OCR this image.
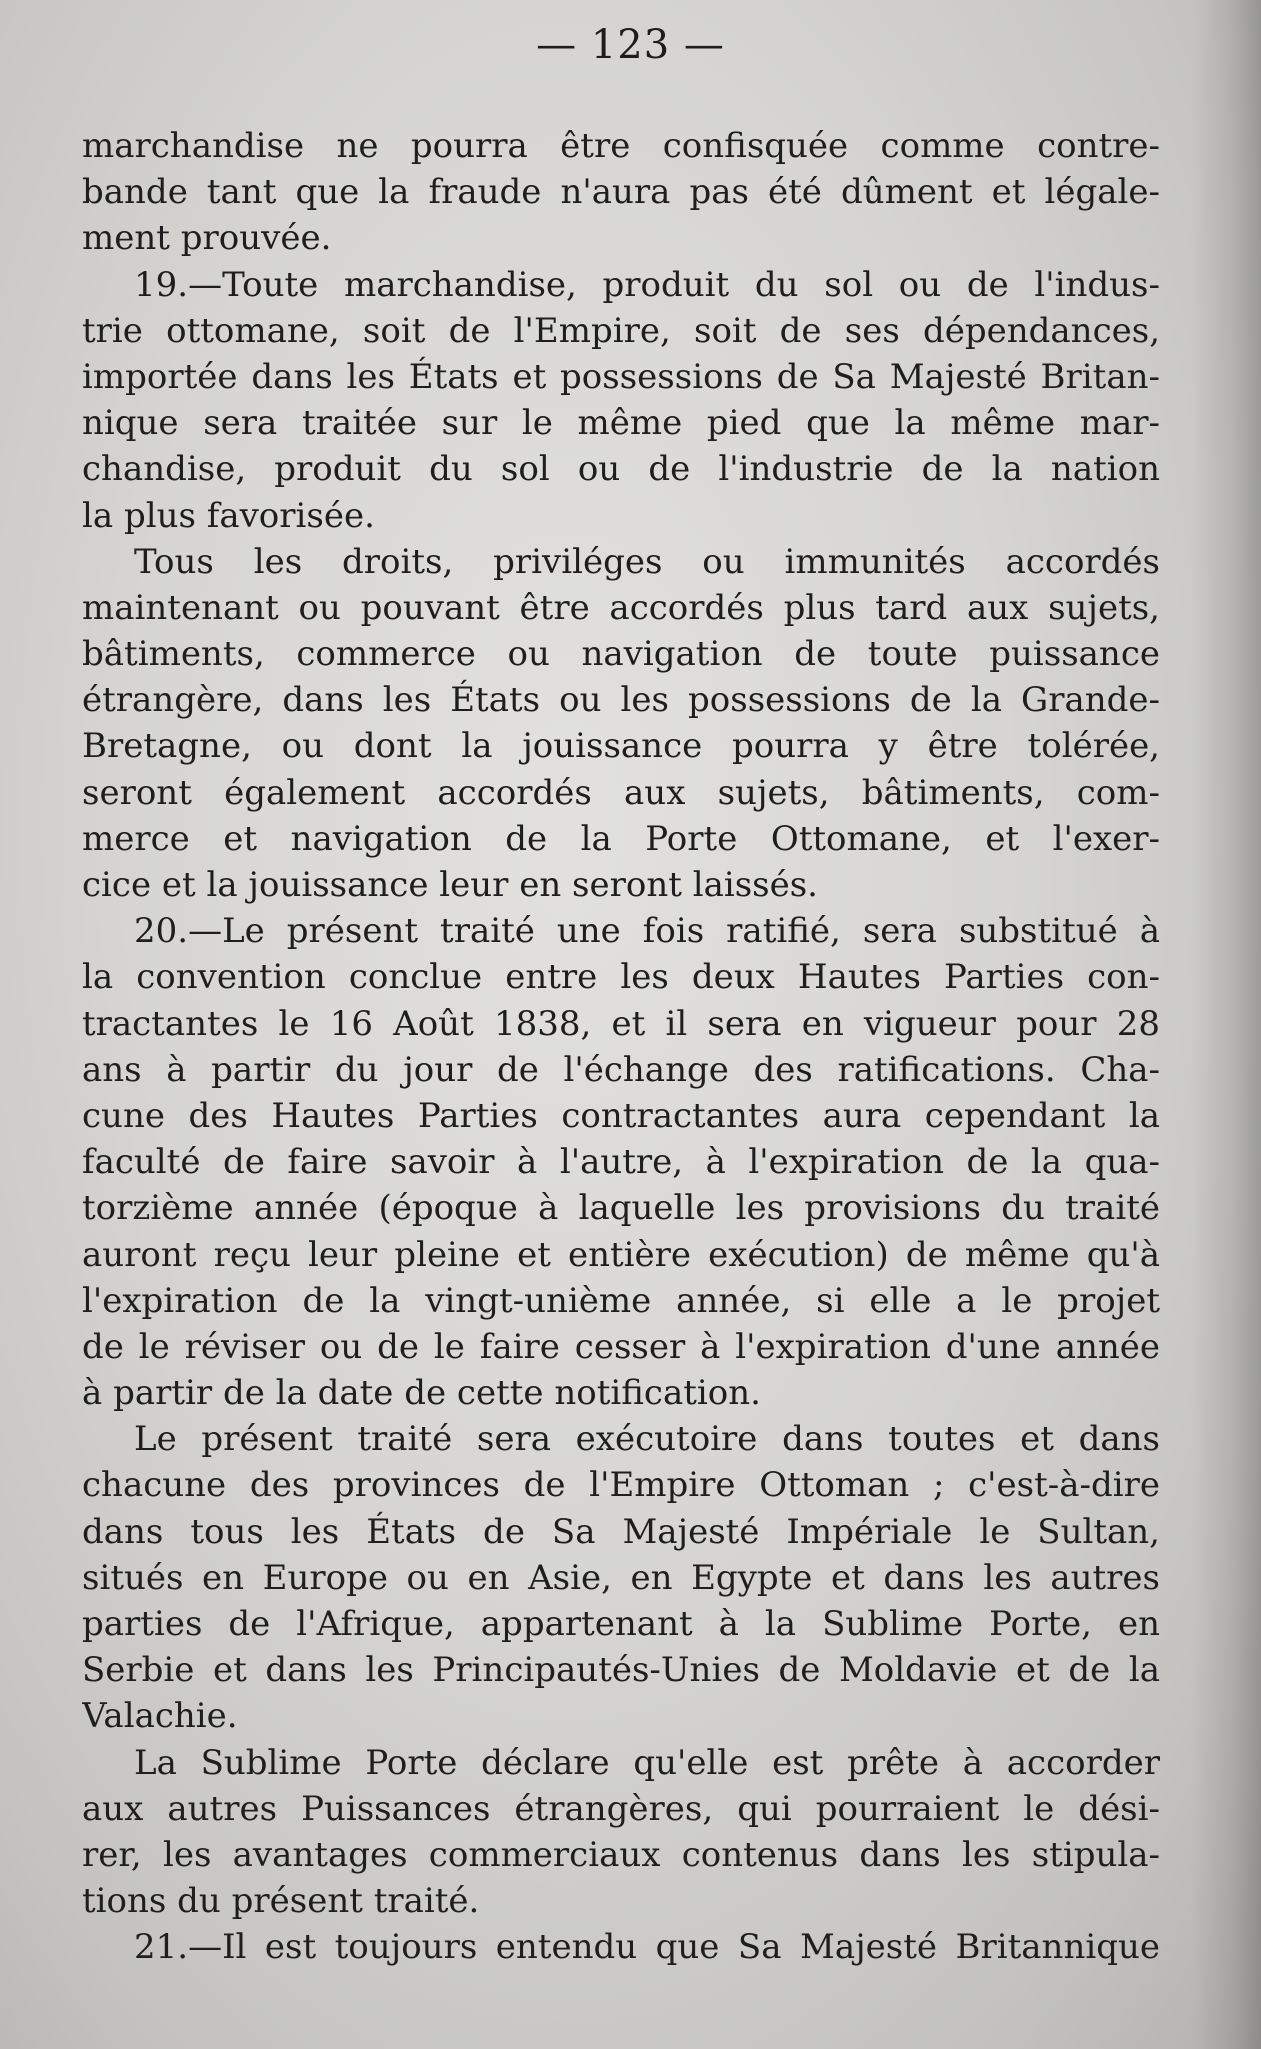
— 123 —
marchandise ne pourra être confisquée comme contre-
bande tant que la fraude n'aura pas été dûment et légale-
ment prouvée.
19.—Toute marchandise, produit du sol ou de l'indus-
trie ottomane, soit de l'Empire, soit de ses dépendances,
importée dans les États et possessions de Sa Majesté Britan-
nique sera traitée sur le même pied que la même mar-
chandise, produit du sol ou de l'industrie de la nation
la plus favorisée.
Tous les droits, priviléges ou immunités accordés
maintenant ou pouvant être accordés plus tard aux sujets,
bâtiments, commerce ou navigation de toute puissance
étrangère, dans les États ou les possessions de la Grande-
Bretagne, ou dont la jouissance pourra y être tolérée,
seront également accordés aux sujets, bâtiments, com-
merce et navigation de la Porte Ottomane, et l'exer-
cice et la jouissance leur en seront laissés.
20.—Le présent traité une fois ratifié, sera substitué à
la convention conclue entre les deux Hautes Parties con-
tractantes le 16 Août 1838, et il sera en vigueur pour 28
ans à partir du jour de l'échange des ratifications. Cha-
cune des Hautes Parties contractantes aura cependant la
faculté de faire savoir à l'autre, à l'expiration de la qua-
torzième année (époque à laquelle les provisions du traité
auront reçu leur pleine et entière exécution) de même qu'à
l'expiration de la vingt-unième année, si elle a le projet
de le réviser ou de le faire cesser à l'expiration d'une année
à partir de la date de cette notification.
Le présent traité sera exécutoire dans toutes et dans
chacune des provinces de l'Empire Ottoman ; c'est-à-dire
dans tous les États de Sa Majesté Impériale le Sultan,
situés en Europe ou en Asie, en Egypte et dans les autres
parties de l'Afrique, appartenant à la Sublime Porte, en
Serbie et dans les Principautés-Unies de Moldavie et de la
Valachie.
La Sublime Porte déclare qu'elle est prête à accorder
aux autres Puissances étrangères, qui pourraient le dési-
rer, les avantages commerciaux contenus dans les stipula-
tions du présent traité.
21.—Il est toujours entendu que Sa Majesté Britannique
